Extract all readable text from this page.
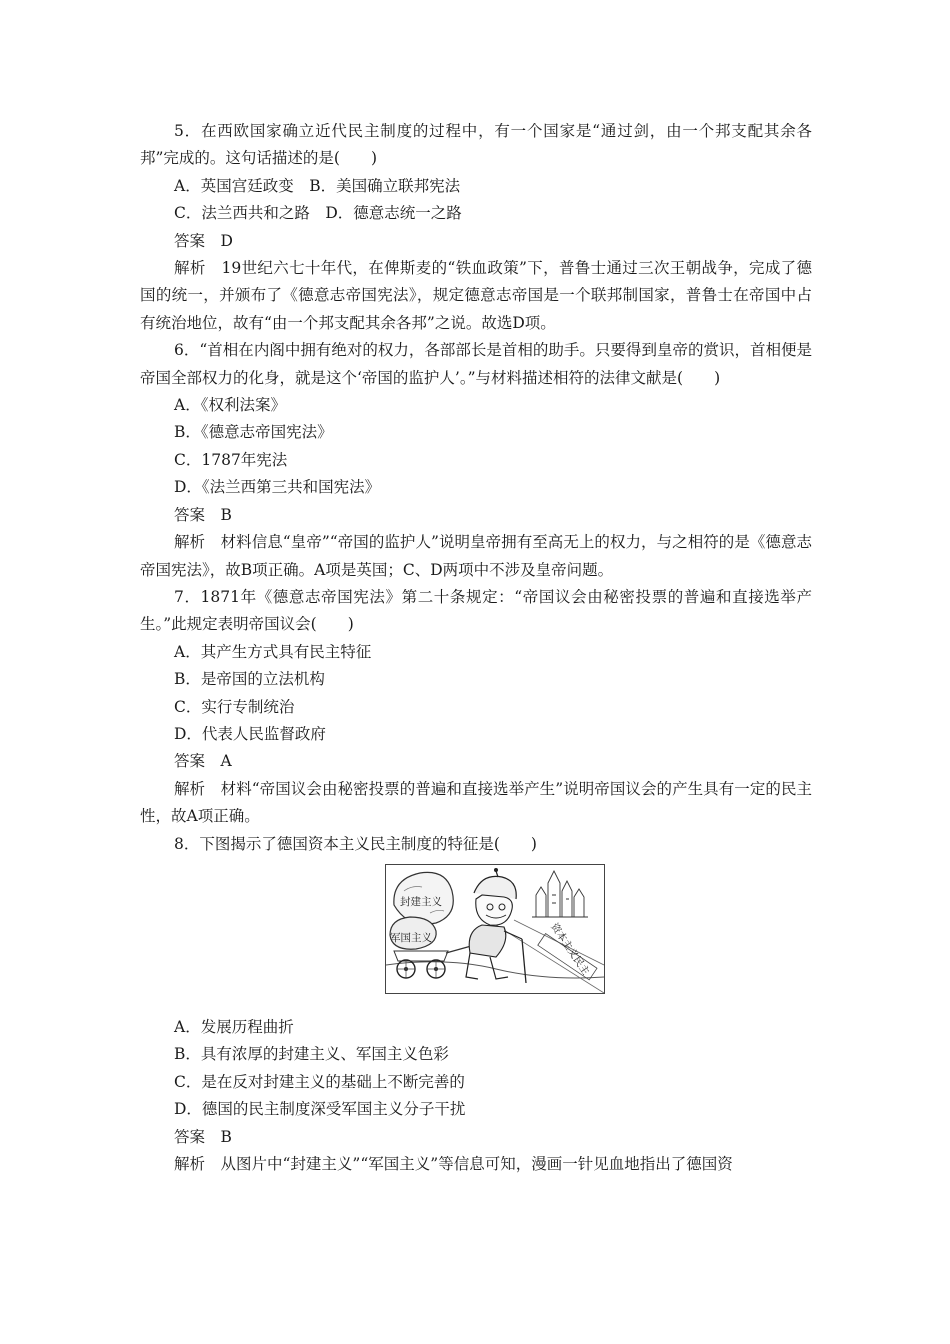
5．在西欧国家确立近代民主制度的过程中，有一个国家是“通过剑，由一个邦支配其余各邦”完成的。这句话描述的是(　　)

A．英国宫廷政变　B．美国确立联邦宪法

C．法兰西共和之路　D．德意志统一之路

答案　D

解析　19世纪六七十年代，在俾斯麦的“铁血政策”下，普鲁士通过三次王朝战争，完成了德国的统一，并颁布了《德意志帝国宪法》，规定德意志帝国是一个联邦制国家，普鲁士在帝国中占有统治地位，故有“由一个邦支配其余各邦”之说。故选D项。

6．“首相在内阁中拥有绝对的权力，各部部长是首相的助手。只要得到皇帝的赏识，首相便是帝国全部权力的化身，就是这个‘帝国的监护人’。”与材料描述相符的法律文献是(　　)

A．《权利法案》

B．《德意志帝国宪法》

C．1787年宪法

D．《法兰西第三共和国宪法》

答案　B

解析　材料信息“皇帝”“帝国的监护人”说明皇帝拥有至高无上的权力，与之相符的是《德意志帝国宪法》，故B项正确。A项是英国；C、D两项中不涉及皇帝问题。

7．1871年《德意志帝国宪法》第二十条规定：“帝国议会由秘密投票的普遍和直接选举产生。”此规定表明帝国议会(　　)

A．其产生方式具有民主特征

B．是帝国的立法机构

C．实行专制统治

D．代表人民监督政府

答案　A

解析　材料“帝国议会由秘密投票的普遍和直接选举产生”说明帝国议会的产生具有一定的民主性，故A项正确。

8．下图揭示了德国资本主义民主制度的特征是(　　)

封建主义
军国主义	资本主义民主

A．发展历程曲折

B．具有浓厚的封建主义、军国主义色彩

C．是在反对封建主义的基础上不断完善的

D．德国的民主制度深受军国主义分子干扰

答案　B

解析　从图片中“封建主义”“军国主义”等信息可知，漫画一针见血地指出了德国资
